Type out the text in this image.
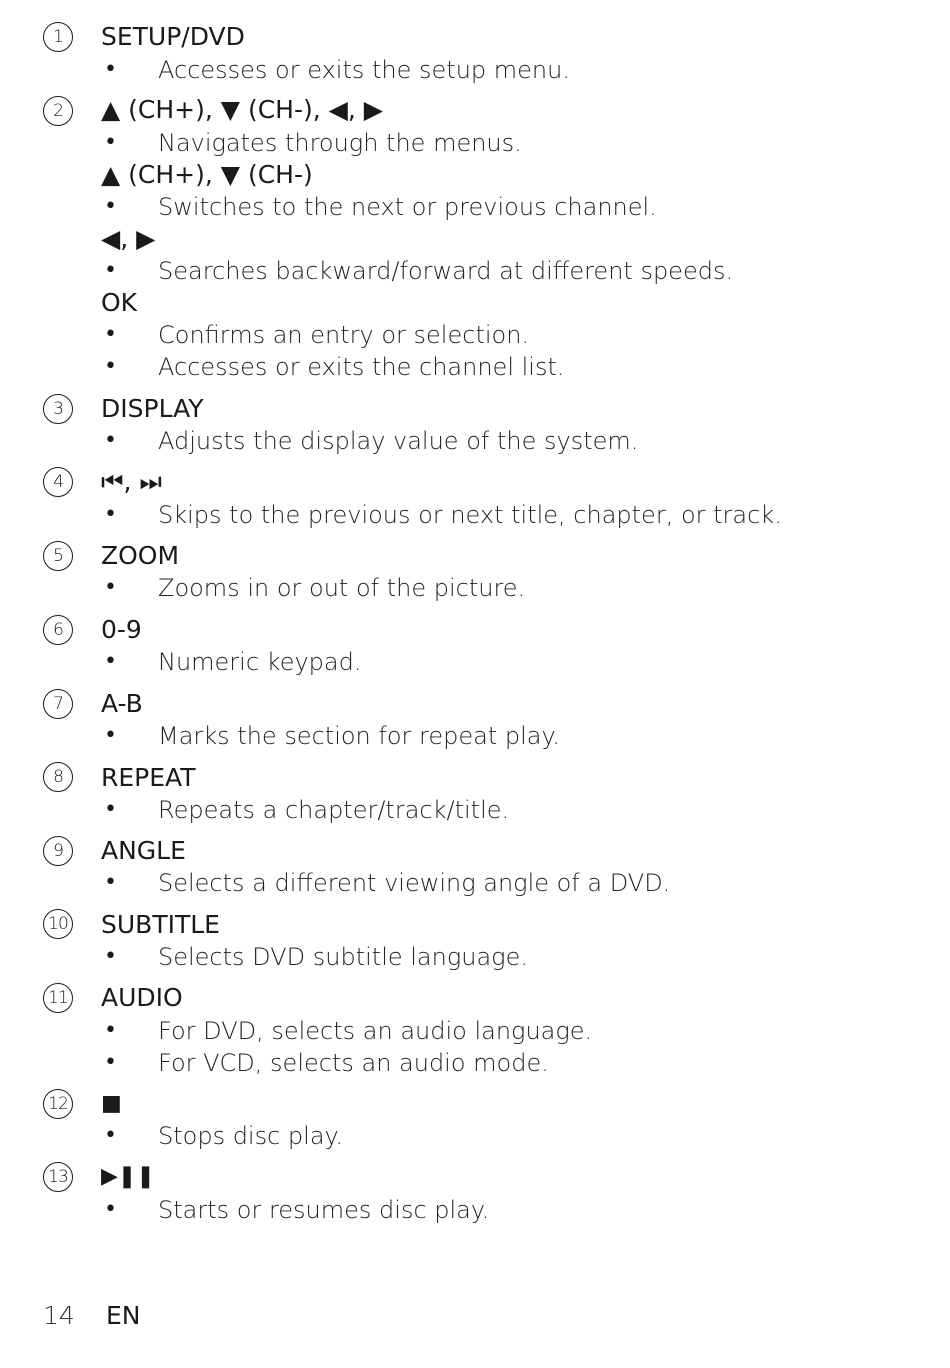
1	SETUP/DVD
• Accesses or exits the setup menu.
2	▲ (CH+), ▼ (CH-), ◀, ▶
• Navigates through the menus.
▲ (CH+), ▼ (CH-)
• Switches to the next or previous channel.
◀, ▶
• Searches backward/forward at different speeds.
OK
• Confirms an entry or selection.
• Accesses or exits the channel list.
3	DISPLAY
• Adjusts the display value of the system.
4	⏮, ⏭
• Skips to the previous or next title, chapter, or track.
5	ZOOM
• Zooms in or out of the picture.
6	0-9
• Numeric keypad.
7	A-B
• Marks the section for repeat play.
8	REPEAT
• Repeats a chapter/track/title.
9	ANGLE
• Selects a different viewing angle of a DVD.
10 SUBTITLE
• Selects DVD subtitle language.
11 AUDIO
• For DVD, selects an audio language.
• For VCD, selects an audio mode.
12 ■
• Stops disc play.
13 ▶❚❚
• Starts or resumes disc play.
14 EN
